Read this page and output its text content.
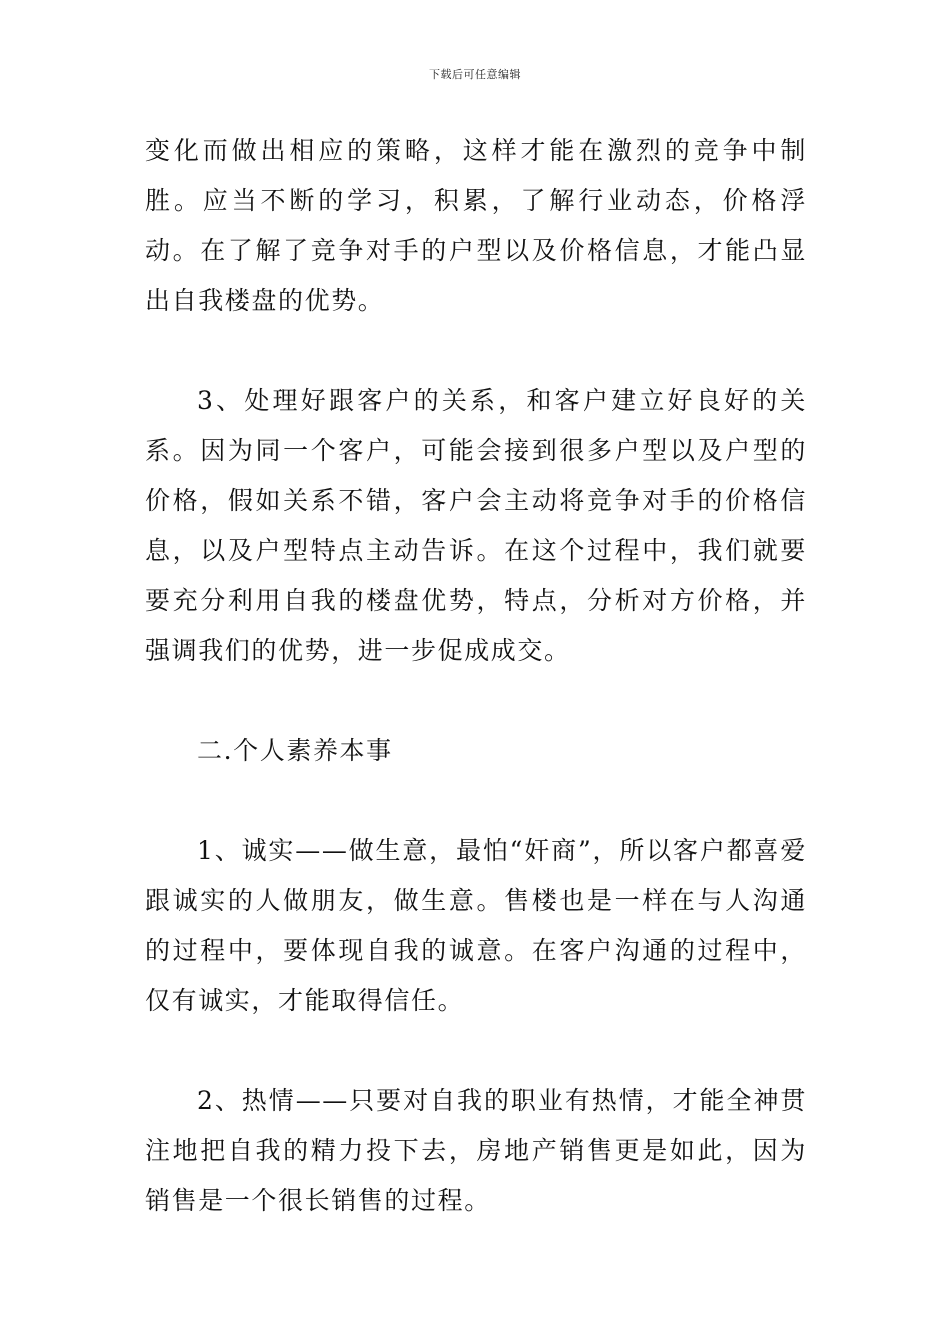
下载后可任意编辑

变化而做出相应的策略，这样才能在激烈的竞争中制胜。应当不断的学习，积累，了解行业动态，价格浮动。在了解了竞争对手的户型以及价格信息，才能凸显出自我楼盘的优势。

3、处理好跟客户的关系，和客户建立好良好的关系。因为同一个客户，可能会接到很多户型以及户型的价格，假如关系不错，客户会主动将竞争对手的价格信息，以及户型特点主动告诉。在这个过程中，我们就要要充分利用自我的楼盘优势，特点，分析对方价格，并强调我们的优势，进一步促成成交。

二.个人素养本事

1、诚实——做生意，最怕“奸商”，所以客户都喜爱跟诚实的人做朋友，做生意。售楼也是一样在与人沟通的过程中，要体现自我的诚意。在客户沟通的过程中，仅有诚实，才能取得信任。

2、热情——只要对自我的职业有热情，才能全神贯注地把自我的精力投下去，房地产销售更是如此，因为销售是一个很长销售的过程。
